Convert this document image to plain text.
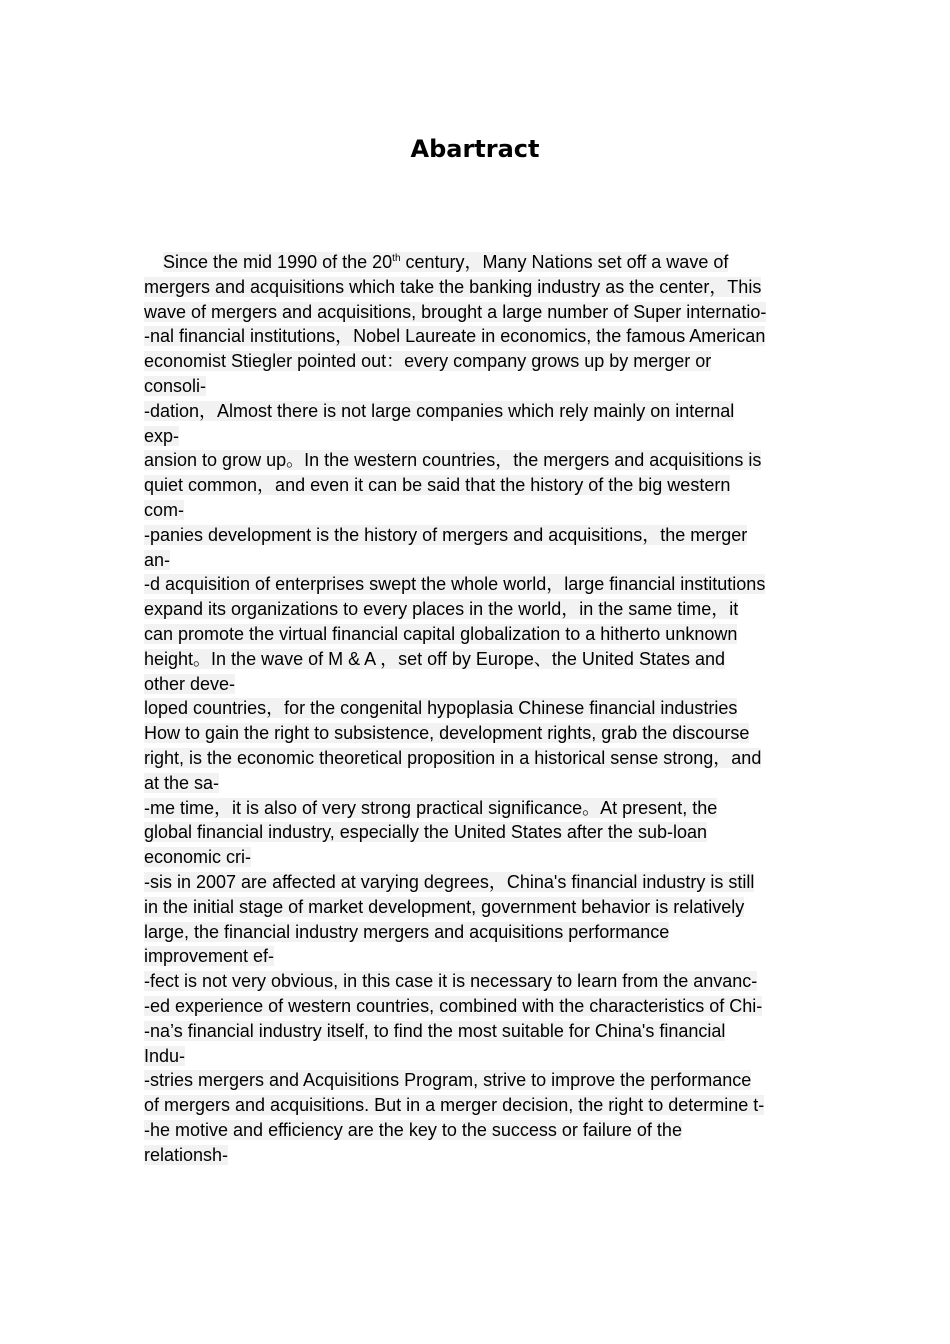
Abartract
Since the mid 1990 of the 20th century，Many Nations set off a wave of
mergers and acquisitions which take the banking industry as the center，This
wave of mergers and acquisitions, brought a large number of Super internatio-
-nal financial institutions，Nobel Laureate in economics, the famous American
economist Stiegler pointed out：every company grows up by merger or
consoli-
-dation，Almost there is not large companies which rely mainly on internal
exp-
ansion to grow up。In the western countries，the mergers and acquisitions is
quiet common，and even it can be said that the history of the big western
com-
-panies development is the history of mergers and acquisitions，the merger
an-
-d acquisition of enterprises swept the whole world，large financial institutions
expand its organizations to every places in the world，in the same time，it
can promote the virtual financial capital globalization to a hitherto unknown
height。In the wave of M & A ，set off by Europe、the United States and
other deve-
loped countries，for the congenital hypoplasia Chinese financial industries
How to gain the right to subsistence, development rights, grab the discourse
right, is the economic theoretical proposition in a historical sense strong，and
at the sa-
-me time，it is also of very strong practical significance。At present, the
global financial industry, especially the United States after the sub-loan
economic cri-
-sis in 2007 are affected at varying degrees，China's financial industry is still
in the initial stage of market development, government behavior is relatively
large, the financial industry mergers and acquisitions performance
improvement ef-
-fect is not very obvious, in this case it is necessary to learn from the anvanc-
-ed experience of western countries, combined with the characteristics of Chi-
-na’s financial industry itself, to find the most suitable for China's financial
Indu-
-stries mergers and Acquisitions Program, strive to improve the performance
of mergers and acquisitions. But in a merger decision, the right to determine t-
-he motive and efficiency are the key to the success or failure of the
relationsh-
